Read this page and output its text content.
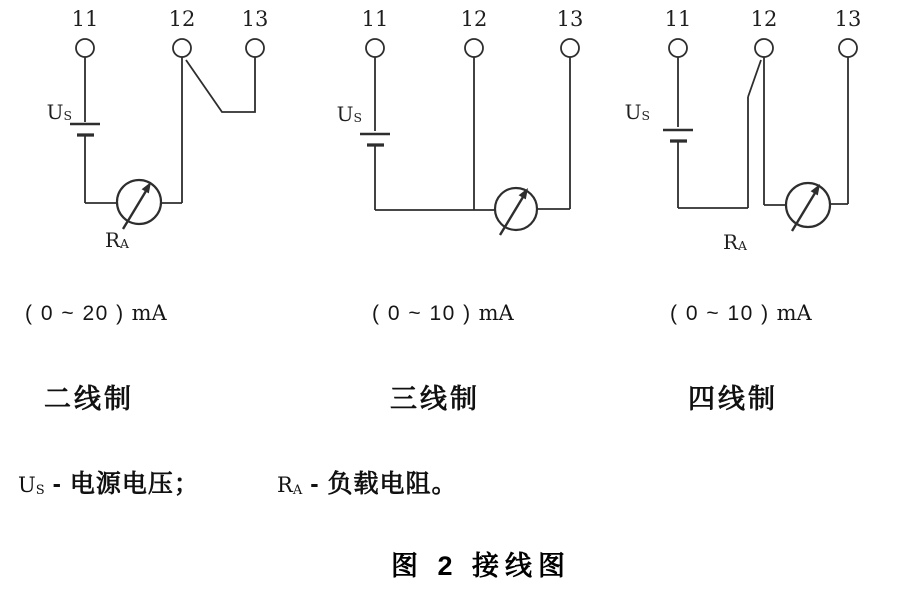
11	12 13	11	12	13	11	12	13
$U_S$	$U_S$	$U_S$
$R_A$	$R_A$
( 0 ~ 20 ) mA	( 0 ~ 10 ) mA	( 0 ~ 10 ) mA
二线制	三线制	四线制
$U_S$ - 电源电压；	$R_A$ - 负载电阻。
图 2 接线图
